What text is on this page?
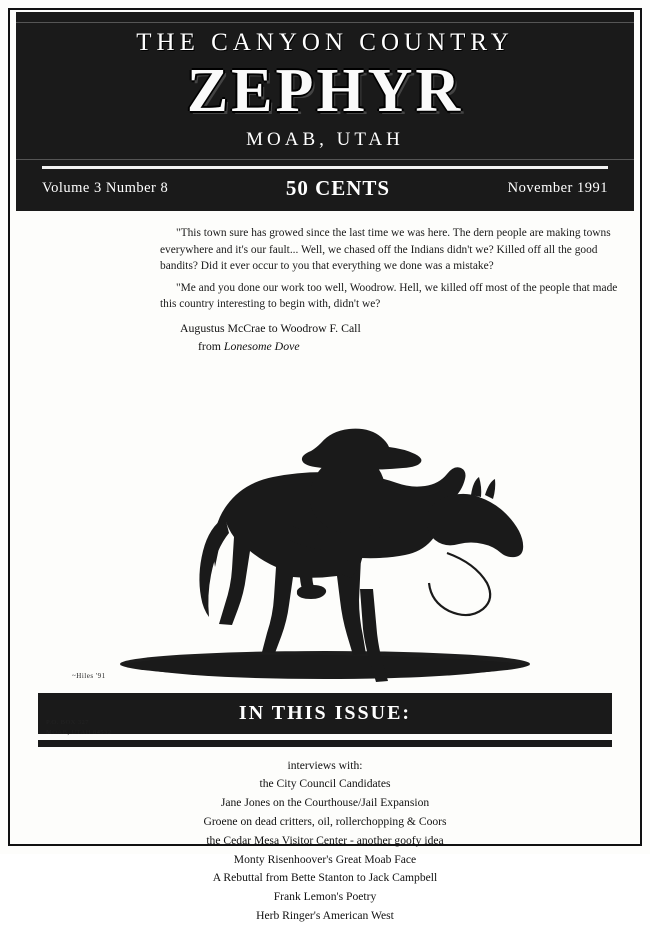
THE CANYON COUNTRY
ZEPHYR
MOAB, UTAH
Volume 3 Number 8	50 CENTS	November 1991

"This town sure has growed since the last time we was here. The dern people are making towns everywhere and it's our fault... Well, we chased off the Indians didn't we? Killed off all the good bandits? Did it ever occur to you that everything we done was a mistake?

"Me and you done our work too well, Woodrow. Hell, we killed off most of the people that made this country interesting to begin with, didn't we?

Augustus McCrae to Woodrow F. Call
from Lonesome Dove
~Hiles '91
IN THIS ISSUE:
P.O. BOX 327
MOAB, UTAH 84532
interviews with:
the City Council Candidates
Jane Jones on the Courthouse/Jail Expansion
Groene on dead critters, oil, rollerchopping & Coors
the Cedar Mesa Visitor Center - another goofy idea
Monty Risenhoover's Great Moab Face
A Rebuttal from Bette Stanton to Jack Campbell
Frank Lemon's Poetry
Herb Ringer's American West
